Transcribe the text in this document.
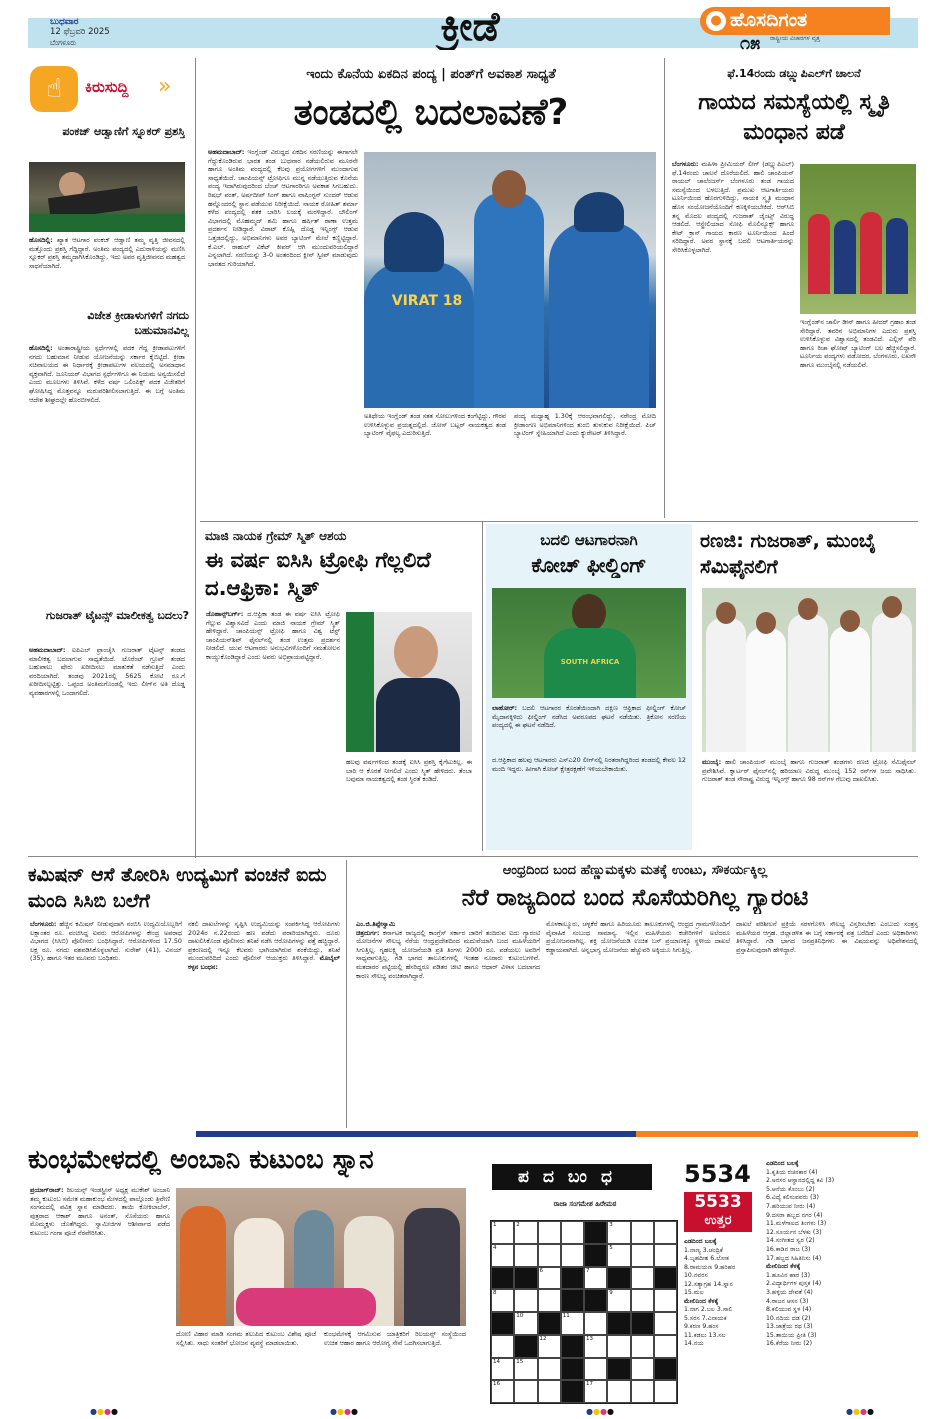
ಬುಧವಾರ
12 ಫೆಬ್ರವರಿ 2025
ಬೆಂಗಳೂರು	ಕ್ರೀಡೆ	● ಹೊಸದಿಗಂತ
ರಾಷ್ಟ್ರೀಯ ವಿಚಾರಗಳ ವೃತ್ತ
೧೫
☝	ಕಿರುಸುದ್ದಿ »
ಪಂಕಜ್ ಆಡ್ವಾಣಿಗೆ ಸ್ನೂಕರ್ ಪ್ರಶಸ್ತಿ
ಹೊಸದಿಲ್ಲಿ: ಖ್ಯಾತ ಆಟಗಾರ ಪಂಕಜ್ ಆಡ್ವಾಣಿ ತಮ್ಮ ವೃತ್ತಿ ಜೀವನದಲ್ಲಿ ಮತ್ತೊಂದು ಪ್ರಶಸ್ತಿ ಗೆದ್ದಿದ್ದಾರೆ. ಅಂತಿಮ ಪಂದ್ಯದಲ್ಲಿ ಎದುರಾಳಿಯನ್ನು ಮಣಿಸಿ ಸ್ನೂಕರ್ ಪ್ರಶಸ್ತಿ ತಮ್ಮದಾಗಿಸಿಕೊಂಡಿದ್ದು, ಇದು ಅವರ ವೃತ್ತಿಜೀವನದ ಮಹತ್ವದ ಸಾಧನೆಯಾಗಿದೆ.
ವಿಜೇತ ಕ್ರೀಡಾಳುಗಳಿಗೆ ನಗದು ಬಹುಮಾನವಿಲ್ಲ
ಹೊಸದಿಲ್ಲಿ: ಅಂತಾರಾಷ್ಟ್ರೀಯ ಸ್ಪರ್ಧೆಗಳಲ್ಲಿ ಪದಕ ಗೆದ್ದ ಕ್ರೀಡಾಪಟುಗಳಿಗೆ ನಗದು ಬಹುಮಾನ ನೀಡುವ ಯೋಜನೆಯನ್ನು ಸರ್ಕಾರ ಕೈಬಿಟ್ಟಿದೆ. ಕ್ರೀಡಾ ಸಚಿವಾಲಯದ ಈ ನಿರ್ಧಾರಕ್ಕೆ ಕ್ರೀಡಾಪಟುಗಳ ವಲಯದಲ್ಲಿ ಅಸಮಾಧಾನ ವ್ಯಕ್ತವಾಗಿದೆ. ಜೂನಿಯರ್ ವಿಭಾಗದ ಸ್ಪರ್ಧೆಗಳಿಗೂ ಈ ನಿಯಮ ಅನ್ವಯಿಸಲಿದೆ ಎಂದು ಮೂಲಗಳು ತಿಳಿಸಿವೆ. ಕಳೆದ ವರ್ಷ ಒಲಿಂಪಿಕ್ಸ್ ಪದಕ ವಿಜೇತರಿಗೆ ಘೋಷಿಸಿದ್ದ ಮೊತ್ತವನ್ನೂ ಮರುಪರಿಶೀಲಿಸಲಾಗುತ್ತಿದೆ. ಈ ಬಗ್ಗೆ ಅಂತಿಮ ಆದೇಶ ಶೀಘ್ರದಲ್ಲೇ ಹೊರಬೀಳಲಿದೆ.
ಗುಜರಾತ್ ಟೈಟನ್ಸ್ ಮಾಲೀಕತ್ವ ಬದಲು?
ಅಹಮದಾಬಾದ್: ಐಪಿಎಲ್ ಫ್ರಾಂಚೈಸಿ ಗುಜರಾತ್ ಟೈಟನ್ಸ್ ತಂಡದ ಮಾಲೀಕತ್ವ ಬದಲಾಗುವ ಸಾಧ್ಯತೆಯಿದೆ. ಟೊರೆಂಟ್ ಗ್ರೂಪ್ ತಂಡದ ಬಹುಪಾಲು ಷೇರು ಖರೀದಿಸಲು ಮಾತುಕತೆ ನಡೆಸುತ್ತಿದೆ ಎಂದು ವರದಿಯಾಗಿದೆ. ತಂಡವು 2021ರಲ್ಲಿ 5625 ಕೋಟಿ ರೂ.ಗೆ ಖರೀದಿಸಲ್ಪಟ್ಟಿತ್ತು. ಒಪ್ಪಂದ ಅಂತಿಮಗೊಂಡಲ್ಲಿ ಇದು ಲೀಗ್‌ನ ಅತಿ ದೊಡ್ಡ ವ್ಯವಹಾರಗಳಲ್ಲಿ ಒಂದಾಗಲಿದೆ.
ಇಂದು ಕೊನೆಯ ಏಕದಿನ ಪಂದ್ಯ | ಪಂತ್‌ಗೆ ಅವಕಾಶ ಸಾಧ್ಯತೆ
ತಂಡದಲ್ಲಿ ಬದಲಾವಣೆ?
ಅಹಮದಾಬಾದ್: ಇಂಗ್ಲೆಂಡ್ ವಿರುದ್ಧದ ಏಕದಿನ ಸರಣಿಯನ್ನು ಈಗಾಗಲೇ ಗೆದ್ದುಕೊಂಡಿರುವ ಭಾರತ ತಂಡ ಬುಧವಾರ ನಡೆಯಲಿರುವ ಮೂರನೇ ಹಾಗೂ ಅಂತಿಮ ಪಂದ್ಯದಲ್ಲಿ ಕೆಲವು ಪ್ರಯೋಗಗಳಿಗೆ ಮುಂದಾಗುವ ಸಾಧ್ಯತೆಯಿದೆ. ಚಾಂಪಿಯನ್ಸ್ ಟ್ರೋಫಿಗೂ ಮುನ್ನ ನಡೆಯುತ್ತಿರುವ ಕೊನೆಯ ಪಂದ್ಯ ಇದಾಗಿರುವುದರಿಂದ ಬೆಂಚ್ ಆಟಗಾರರಿಗೂ ಅವಕಾಶ ಸಿಗಬಹುದು. ರಿಷಭ್ ಪಂತ್, ಅರ್ಷದೀಪ್ ಸಿಂಗ್ ಹಾಗೂ ವಾಷಿಂಗ್ಟನ್ ಸುಂದರ್ ಆಡುವ ಹನ್ನೊಂದರಲ್ಲಿ ಸ್ಥಾನ ಪಡೆಯುವ ನಿರೀಕ್ಷೆಯಿದೆ. ನಾಯಕ ರೋಹಿತ್ ಶರ್ಮಾ ಕಳೆದ ಪಂದ್ಯದಲ್ಲಿ ಶತಕ ಬಾರಿಸಿ ಲಯಕ್ಕೆ ಮರಳಿದ್ದಾರೆ. ಬೌಲಿಂಗ್ ವಿಭಾಗದಲ್ಲಿ ಮೊಹಮ್ಮದ್ ಶಮಿ ಹಾಗೂ ಹರ್ಷಿತ್ ರಾಣಾ ಉತ್ತಮ ಪ್ರದರ್ಶನ ನೀಡಿದ್ದಾರೆ. ವಿರಾಟ್ ಕೊಹ್ಲಿ ದೊಡ್ಡ ಇನ್ನಿಂಗ್ಸ್ ಆಡುವ ಒತ್ತಡದಲ್ಲಿದ್ದು, ಅಭಿಮಾನಿಗಳು ಅವರ ಬ್ಯಾಟಿಂಗ್ ಮೇಲೆ ಕಣ್ಣಿಟ್ಟಿದ್ದಾರೆ. ಕೆ.ಎಲ್. ರಾಹುಲ್ ವಿಕೆಟ್ ಕೀಪರ್ ಆಗಿ ಮುಂದುವರಿಯಲಿದ್ದಾರೆ ಎನ್ನಲಾಗಿದೆ. ಸರಣಿಯನ್ನು 3-0 ಅಂತರದಿಂದ ಕ್ಲೀನ್ ಸ್ವೀಪ್ ಮಾಡುವುದು ಭಾರತದ ಗುರಿಯಾಗಿದೆ.
VIRAT 18
ಅತಿಥೇಯ ಇಂಗ್ಲೆಂಡ್ ತಂಡ ಸತತ ಸೋಲುಗಳಿಂದ ಕಂಗೆಟ್ಟಿದ್ದು, ಗೌರವ ಉಳಿಸಿಕೊಳ್ಳುವ ಪ್ರಯತ್ನದಲ್ಲಿದೆ. ಜೋಸ್ ಬಟ್ಲರ್ ನಾಯಕತ್ವದ ತಂಡ ಬ್ಯಾಟಿಂಗ್ ವೈಫಲ್ಯ ಎದುರಿಸುತ್ತಿದೆ.
ಪಂದ್ಯ ಮಧ್ಯಾಹ್ನ 1.30ಕ್ಕೆ ಆರಂಭವಾಗಲಿದ್ದು, ನರೇಂದ್ರ ಮೋದಿ ಕ್ರೀಡಾಂಗಣ ಅಭಿಮಾನಿಗಳಿಂದ ತುಂಬಿ ತುಳುಕುವ ನಿರೀಕ್ಷೆಯಿದೆ. ಪಿಚ್ ಬ್ಯಾಟಿಂಗ್ ಸ್ನೇಹಿಯಾಗಿದೆ ಎಂದು ಕ್ಯುರೇಟರ್ ತಿಳಿಸಿದ್ದಾರೆ.
ಫೆ.14ರಂದು ಡಬ್ಲ್ಯುಪಿಎಲ್‌ಗೆ ಚಾಲನೆ
ಗಾಯದ ಸಮಸ್ಯೆಯಲ್ಲಿ ಸ್ಮೃತಿ ಮಂಧಾನ ಪಡೆ
ಬೆಂಗಳೂರು: ಮಹಿಳಾ ಪ್ರೀಮಿಯರ್ ಲೀಗ್ (ಡಬ್ಲ್ಯುಪಿಎಲ್) ಫೆ.14ರಂದು ಚಾಲನೆ ದೊರೆಯಲಿದೆ. ಹಾಲಿ ಚಾಂಪಿಯನ್ ರಾಯಲ್ ಚಾಲೆಂಜರ್ಸ್ ಬೆಂಗಳೂರು ತಂಡ ಗಾಯದ ಸಮಸ್ಯೆಯಿಂದ ಬಳಲುತ್ತಿದೆ. ಪ್ರಮುಖ ಆಟಗಾರ್ತಿಯರು ಟೂರ್ನಿಯಿಂದ ಹೊರಗುಳಿದಿದ್ದು, ನಾಯಕಿ ಸ್ಮೃತಿ ಮಂಧಾನ ಹೊಸ ಸಂಯೋಜನೆಯೊಂದಿಗೆ ಕಣಕ್ಕಿಳಿಯಬೇಕಿದೆ. ಆರ್‌ಸಿಬಿ ತನ್ನ ಮೊದಲ ಪಂದ್ಯದಲ್ಲಿ ಗುಜರಾತ್ ಜೈಂಟ್ಸ್ ವಿರುದ್ಧ ಆಡಲಿದೆ. ಆಸ್ಟ್ರೇಲಿಯಾದ ಸೋಫಿ ಮೊಲಿನ್ಯೂಕ್ಸ್ ಹಾಗೂ ಕೇಟ್ ಕ್ರಾಸ್ ಗಾಯದ ಕಾರಣ ಟೂರ್ನಿಯಿಂದ ಹಿಂದೆ ಸರಿದಿದ್ದಾರೆ. ಅವರ ಸ್ಥಾನಕ್ಕೆ ಬದಲಿ ಆಟಗಾರ್ತಿಯರನ್ನು ಸೇರಿಸಿಕೊಳ್ಳಲಾಗಿದೆ.
ಇಂಗ್ಲೆಂಡ್‌ನ ಚಾರ್ಲಿ ಡೀನ್ ಹಾಗೂ ಹೀದರ್ ಗ್ರಹಾಂ ತಂಡ ಸೇರಿದ್ದಾರೆ. ತವರಿನ ಅಭಿಮಾನಿಗಳ ಎದುರು ಪ್ರಶಸ್ತಿ ಉಳಿಸಿಕೊಳ್ಳುವ ವಿಶ್ವಾಸದಲ್ಲಿ ತಂಡವಿದೆ. ಎಲ್ಲಿಸ್ ಪೆರಿ ಹಾಗೂ ರಿಚಾ ಘೋಷ್ ಬ್ಯಾಟಿಂಗ್ ಬಲ ಹೆಚ್ಚಿಸಲಿದ್ದಾರೆ. ಟೂರ್ನಿಯ ಪಂದ್ಯಗಳು ವಡೋದರ, ಬೆಂಗಳೂರು, ಲಖನೌ ಹಾಗೂ ಮುಂಬೈನಲ್ಲಿ ನಡೆಯಲಿವೆ.
ಮಾಜಿ ನಾಯಕ ಗ್ರೇಮ್ ಸ್ಮಿತ್ ಆಶಯ
ಈ ವರ್ಷ ಐಸಿಸಿ ಟ್ರೋಫಿ ಗೆಲ್ಲಲಿದೆ ದ.ಆಫ್ರಿಕಾ: ಸ್ಮಿತ್
ಜೊಹಾನ್ಸ್‌ಬರ್ಗ್: ದ.ಆಫ್ರಿಕಾ ತಂಡ ಈ ವರ್ಷ ಐಸಿಸಿ ಟ್ರೋಫಿ ಗೆಲ್ಲುವ ವಿಶ್ವಾಸವಿದೆ ಎಂದು ಮಾಜಿ ನಾಯಕ ಗ್ರೇಮ್ ಸ್ಮಿತ್ ಹೇಳಿದ್ದಾರೆ. ಚಾಂಪಿಯನ್ಸ್ ಟ್ರೋಫಿ ಹಾಗೂ ವಿಶ್ವ ಟೆಸ್ಟ್ ಚಾಂಪಿಯನ್‌ಶಿಪ್ ಫೈನಲ್‌ನಲ್ಲಿ ತಂಡ ಉತ್ತಮ ಪ್ರದರ್ಶನ ನೀಡಲಿದೆ. ಯುವ ಆಟಗಾರರು ಅನುಭವಿಗಳೊಂದಿಗೆ ಸಮತೋಲನ ಕಾಯ್ದುಕೊಂಡಿದ್ದಾರೆ ಎಂದು ಅವರು ಅಭಿಪ್ರಾಯಪಟ್ಟಿದ್ದಾರೆ.
ಹಲವು ವರ್ಷಗಳಿಂದ ತಂಡಕ್ಕೆ ಐಸಿಸಿ ಪ್ರಶಸ್ತಿ ಕೈಗೆಟುಕಿಲ್ಲ. ಈ ಬಾರಿ ಆ ಕೊರತೆ ನೀಗಲಿದೆ ಎಂದು ಸ್ಮಿತ್ ಹೇಳಿದರು. ತೆಂಬಾ ಬವುಮಾ ನಾಯಕತ್ವದಲ್ಲಿ ತಂಡ ಸ್ಥಿರತೆ ಕಂಡಿದೆ.
ಬದಲಿ ಆಟಗಾರನಾಗಿ
ಕೋಚ್ ಫೀಲ್ಡಿಂಗ್
SOUTH AFRICA
ಲಾಹೋರ್: ಬದಲಿ ಆಟಗಾರರ ಕೊರತೆಯಿಂದಾಗಿ ದಕ್ಷಿಣ ಆಫ್ರಿಕಾದ ಫೀಲ್ಡಿಂಗ್ ಕೋಚ್ ಮೈದಾನಕ್ಕಿಳಿದು ಫೀಲ್ಡಿಂಗ್ ನಡೆಸಿದ ಅಪರೂಪದ ಘಟನೆ ನಡೆಯಿತು. ತ್ರಿಕೋನ ಸರಣಿಯ ಪಂದ್ಯದಲ್ಲಿ ಈ ಘಟನೆ ನಡೆದಿದೆ.
ದ.ಆಫ್ರಿಕಾದ ಹಲವು ಆಟಗಾರರು ಎಸ್‌ಎ20 ಲೀಗ್‌ನಲ್ಲಿ ನಿರತರಾಗಿದ್ದರಿಂದ ತಂಡದಲ್ಲಿ ಕೇವಲ 12 ಮಂದಿ ಇದ್ದರು. ಹೀಗಾಗಿ ಕೋಚ್ ಕ್ಷೇತ್ರರಕ್ಷಣೆಗೆ ಇಳಿಯಬೇಕಾಯಿತು.
ರಣಜಿ: ಗುಜರಾತ್, ಮುಂಬೈ ಸೆಮಿಫೈನಲಿಗೆ
ಮುಂಬೈ: ಹಾಲಿ ಚಾಂಪಿಯನ್ ಮುಂಬೈ ಹಾಗೂ ಗುಜರಾತ್ ತಂಡಗಳು ರಣಜಿ ಟ್ರೋಫಿ ಸೆಮಿಫೈನಲ್ ಪ್ರವೇಶಿಸಿವೆ. ಕ್ವಾರ್ಟರ್ ಫೈನಲ್‌ನಲ್ಲಿ ಹರಿಯಾಣ ವಿರುದ್ಧ ಮುಂಬೈ 152 ರನ್‌ಗಳ ಜಯ ಸಾಧಿಸಿತು. ಗುಜರಾತ್ ತಂಡ ಸೌರಾಷ್ಟ್ರ ವಿರುದ್ಧ ಇನ್ನಿಂಗ್ಸ್ ಹಾಗೂ 98 ರನ್‌ಗಳ ಗೆಲುವು ದಾಖಲಿಸಿತು.
ಕಮಿಷನ್ ಆಸೆ ತೋರಿಸಿ ಉದ್ಯಮಿಗೆ ವಂಚನೆ ಐದು ಮಂದಿ ಸಿಸಿಬಿ ಬಲೆಗೆ
ಬೆಂಗಳೂರು: ಹೆಚ್ಚಿನ ಕಮಿಷನ್ ನೀಡುವುದಾಗಿ ನಂಬಿಸಿ ಉದ್ಯಮಿಯೊಬ್ಬರಿಗೆ ಲಕ್ಷಾಂತರ ರೂ. ವಂಚಿಸಿದ್ದ ಐವರು ಆರೋಪಿಗಳನ್ನು ಕೇಂದ್ರ ಅಪರಾಧ ವಿಭಾಗದ (ಸಿಸಿಬಿ) ಪೊಲೀಸರು ಬಂಧಿಸಿದ್ದಾರೆ. ಆರೋಪಿಗಳಿಂದ 17.50 ಲಕ್ಷ ರೂ. ನಗದು ವಶಪಡಿಸಿಕೊಳ್ಳಲಾಗಿದೆ. ಸುರೇಶ್ (41), ವಿನಯ್ (35), ಹಾಗೂ ಇತರ ಮೂವರು ಬಂಧಿತರು.
ನಕಲಿ ದಾಖಲೆಗಳನ್ನು ಸೃಷ್ಟಿಸಿ ಉದ್ಯಮಿಯನ್ನು ಸಂಪರ್ಕಿಸಿದ್ದ ಆರೋಪಿಗಳು 2024ರ ನ.22ರಂದು ಹಣ ಪಡೆದು ಪರಾರಿಯಾಗಿದ್ದರು. ದೂರು ದಾಖಲಿಸಿಕೊಂಡ ಪೊಲೀಸರು ತನಿಖೆ ನಡೆಸಿ ಆರೋಪಿಗಳನ್ನು ಪತ್ತೆ ಹಚ್ಚಿದ್ದಾರೆ. ಪ್ರಕರಣದಲ್ಲಿ ಇನ್ನೂ ಕೆಲವರು ಭಾಗಿಯಾಗಿರುವ ಶಂಕೆಯಿದ್ದು, ತನಿಖೆ ಮುಂದುವರಿದಿದೆ ಎಂದು ಪೊಲೀಸ್ ಆಯುಕ್ತರು ತಿಳಿಸಿದ್ದಾರೆ. ಮೊಬೈಲ್ ಕಳ್ಳನ ಬಂಧನ:
ಆಂಧ್ರದಿಂದ ಬಂದ ಹೆಣ್ಣುಮಕ್ಕಳು ಮತಕ್ಕೆ ಉಂಟು, ಸೌಕರ್ಯಕ್ಕಿಲ್ಲ
ನೆರೆ ರಾಜ್ಯದಿಂದ ಬಂದ ಸೊಸೆಯರಿಗಿಲ್ಲ ಗ್ಯಾರಂಟಿ
ಎಂ.ಜಿ.ತಿಪ್ಪೇಸ್ವಾಮಿ
ಚಿತ್ರದುರ್ಗ: ಕರ್ನಾಟಕ ರಾಜ್ಯದಲ್ಲಿ ಕಾಂಗ್ರೆಸ್ ಸರ್ಕಾರ ಜಾರಿಗೆ ತಂದಿರುವ ಐದು ಗ್ಯಾರಂಟಿ ಯೋಜನೆಗಳ ಸೌಲಭ್ಯ ನೆರೆಯ ಆಂಧ್ರಪ್ರದೇಶದಿಂದ ಮದುವೆಯಾಗಿ ಬಂದ ಮಹಿಳೆಯರಿಗೆ ಸಿಗುತ್ತಿಲ್ಲ. ಗೃಹಲಕ್ಷ್ಮಿ ಯೋಜನೆಯಡಿ ಪ್ರತಿ ತಿಂಗಳು 2000 ರೂ. ಪಡೆಯಲು ಅವರಿಗೆ ಸಾಧ್ಯವಾಗುತ್ತಿಲ್ಲ. ಗಡಿ ಭಾಗದ ತಾಲೂಕುಗಳಲ್ಲಿ ಇಂತಹ ನೂರಾರು ಕುಟುಂಬಗಳಿವೆ. ಮತದಾರರ ಪಟ್ಟಿಯಲ್ಲಿ ಹೆಸರಿದ್ದರೂ ಪಡಿತರ ಚೀಟಿ ಹಾಗೂ ಆಧಾರ್ ವಿಳಾಸ ಬದಲಾಗದ ಕಾರಣ ಸೌಲಭ್ಯ ವಂಚಿತರಾಗಿದ್ದಾರೆ.
ಮೊಳಕಾಲ್ಮೂರು, ಚಳ್ಳಕೆರೆ ಹಾಗೂ ಹಿರಿಯೂರು ತಾಲೂಕುಗಳಲ್ಲಿ ಆಂಧ್ರದ ಗ್ರಾಮಗಳೊಂದಿಗೆ ವೈವಾಹಿಕ ಸಂಬಂಧ ಸಾಮಾನ್ಯ. ಇಲ್ಲಿನ ಮಹಿಳೆಯರು ಕಚೇರಿಗಳಿಗೆ ಅಲೆದರೂ ಪ್ರಯೋಜನವಾಗಿಲ್ಲ. ಶಕ್ತಿ ಯೋಜನೆಯಡಿ ಉಚಿತ ಬಸ್ ಪ್ರಯಾಣಕ್ಕೂ ಸ್ಥಳೀಯ ದಾಖಲೆ ಕಡ್ಡಾಯವಾಗಿದೆ. ಅನ್ನಭಾಗ್ಯ ಯೋಜನೆಯ ಹೆಚ್ಚುವರಿ ಅಕ್ಕಿಯೂ ಸಿಗುತ್ತಿಲ್ಲ.
ದಾಖಲೆ ಪರಿಶೀಲನೆ ಪ್ರಕ್ರಿಯೆ ಸರಳಗೊಳಿಸಿ ಸೌಲಭ್ಯ ವಿಸ್ತರಿಸಬೇಕು ಎಂಬುದು ಸಂತ್ರಸ್ತ ಮಹಿಳೆಯರ ಆಗ್ರಹ. ಜಿಲ್ಲಾಡಳಿತ ಈ ಬಗ್ಗೆ ಸರ್ಕಾರಕ್ಕೆ ಪತ್ರ ಬರೆದಿದೆ ಎಂದು ಅಧಿಕಾರಿಗಳು ತಿಳಿಸಿದ್ದಾರೆ. ಗಡಿ ಭಾಗದ ಜನಪ್ರತಿನಿಧಿಗಳು ಈ ವಿಷಯವನ್ನು ಅಧಿವೇಶನದಲ್ಲಿ ಪ್ರಸ್ತಾಪಿಸುವುದಾಗಿ ಹೇಳಿದ್ದಾರೆ.
ಕುಂಭಮೇಳದಲ್ಲಿ ಅಂಬಾನಿ ಕುಟುಂಬ ಸ್ನಾನ
ಪ್ರಯಾಗ್‌ರಾಜ್: ರಿಲಯನ್ಸ್ ಇಂಡಸ್ಟ್ರೀಸ್ ಅಧ್ಯಕ್ಷ ಮುಕೇಶ್ ಅಂಬಾನಿ ತಮ್ಮ ಕುಟುಂಬ ಸಮೇತ ಮಹಾಕುಂಭ ಮೇಳದಲ್ಲಿ ಪಾಲ್ಗೊಂಡು ತ್ರಿವೇಣಿ ಸಂಗಮದಲ್ಲಿ ಪವಿತ್ರ ಸ್ನಾನ ಮಾಡಿದರು. ತಾಯಿ ಕೋಕಿಲಾಬೆನ್, ಪುತ್ರರಾದ ಆಕಾಶ್ ಹಾಗೂ ಅನಂತ್, ಸೊಸೆಯರು ಹಾಗೂ ಮೊಮ್ಮಕ್ಕಳು ಜೊತೆಗಿದ್ದರು. ಸ್ವಾಮೀಜಿಗಳ ಆಶೀರ್ವಾದ ಪಡೆದ ಕುಟುಂಬ ಗಂಗಾ ಪೂಜೆ ನೆರವೇರಿಸಿತು.
ದೋಣಿ ವಿಹಾರ ಮಾಡಿ ಸಂಗಮ ತಲುಪಿದ ಕುಟುಂಬ ವಿಶೇಷ ಪೂಜೆ ಸಲ್ಲಿಸಿತು. ಸಾಧು ಸಂತರಿಗೆ ಭೋಜನ ವ್ಯವಸ್ಥೆ ಮಾಡಲಾಯಿತು.
ಕುಂಭಮೇಳಕ್ಕೆ ಆಗಮಿಸುವ ಯಾತ್ರಿಕರಿಗೆ ರಿಲಯನ್ಸ್ ಸಂಸ್ಥೆಯಿಂದ ಉಚಿತ ಆಹಾರ ಹಾಗೂ ಆರೋಗ್ಯ ಸೇವೆ ಒದಗಿಸಲಾಗುತ್ತಿದೆ.
ಪದಬಂಧ
ರಾಜಾ ಸಂಗಮೇಶ ಹಿರೇಮಠ
1	2	3
4	5
6	7
8	9
10	11
12	13
14	15
16	17
5534
5533
ಉತ್ತರ
ಎಡದಿಂದ ಬಲಕ್ಕೆ
1.ನಾಣ್ಯ 3.ಚಂದ್ರಿಕೆ
4.ಬೃಹದೀಶ 6.ಲೋಕ
8.ರಾಮಯಣ 9.ಹರಿಹರ
10.ನವರಸ
12.ಸತ್ಯಾಗ್ರಹ 14.ಸ್ನಾನ
15.ಮಲ
ಮೇಲಿನಿಂದ ಕೆಳಕ್ಕೆ
1.ನಾಗ 2.ಬಲ 3.ಸಾಲಿ
5.ಸರಸ 7.ವಿನಾಯಕ
9.ಕರಣ 9.ಹಂಸ
11.ಕಡಲು 13.ಸಲ
14.ನಯ
ಎಡದಿಂದ ಬಲಕ್ಕೆ
1.ಕೃತಿಯ ರಚನಕಾರ (4)
2.ಅರಸರ ಆಸ್ಥಾನದಲ್ಲಿದ್ದ ಕವಿ (3)
5.ಆನೆಯ ಕೊಂಬು (2)
6.ವಿದ್ಯೆ ಕಲಿಸುವವರು (3)
7.ಹರಿಯುವ ನೀರು (4)
9.ದಸರಾ ಹಬ್ಬದ ನಗರ (4)
11.ಮಳೆಗಾಲದ ತಿಂಗಳು (3)
12.ಸೂರ್ಯನ ಬೆಳಕು (3)
14.ಸಂಗೀತದ ಸ್ವರ (2)
16.ಕಾಡಿನ ರಾಜ (3)
17.ಹಬ್ಬದ ಸಿಹಿತಿನಿಸು (4)
ಮೇಲಿನಿಂದ ಕೆಳಕ್ಕೆ
1.ಹೂವಿನ ಹಾರ (3)
2.ವಿದ್ಯಾರ್ಥಿಗಳ ಪುಸ್ತಕ (4)
3.ಹಳ್ಳಿಯ ದೇವತೆ (4)
4.ರಾಜನ ಆಸನ (3)
8.ಕಲಿಯುವ ಸ್ಥಳ (4)
10.ನದಿಯ ದಡ (2)
13.ಜಾತ್ರೆಯ ರಥ (3)
15.ತಾಯಿಯ ಪ್ರೀತಿ (3)
16.ಕೆರೆಯ ನೀರು (2)
●●●●	●●●●	●●●●	●●●●
